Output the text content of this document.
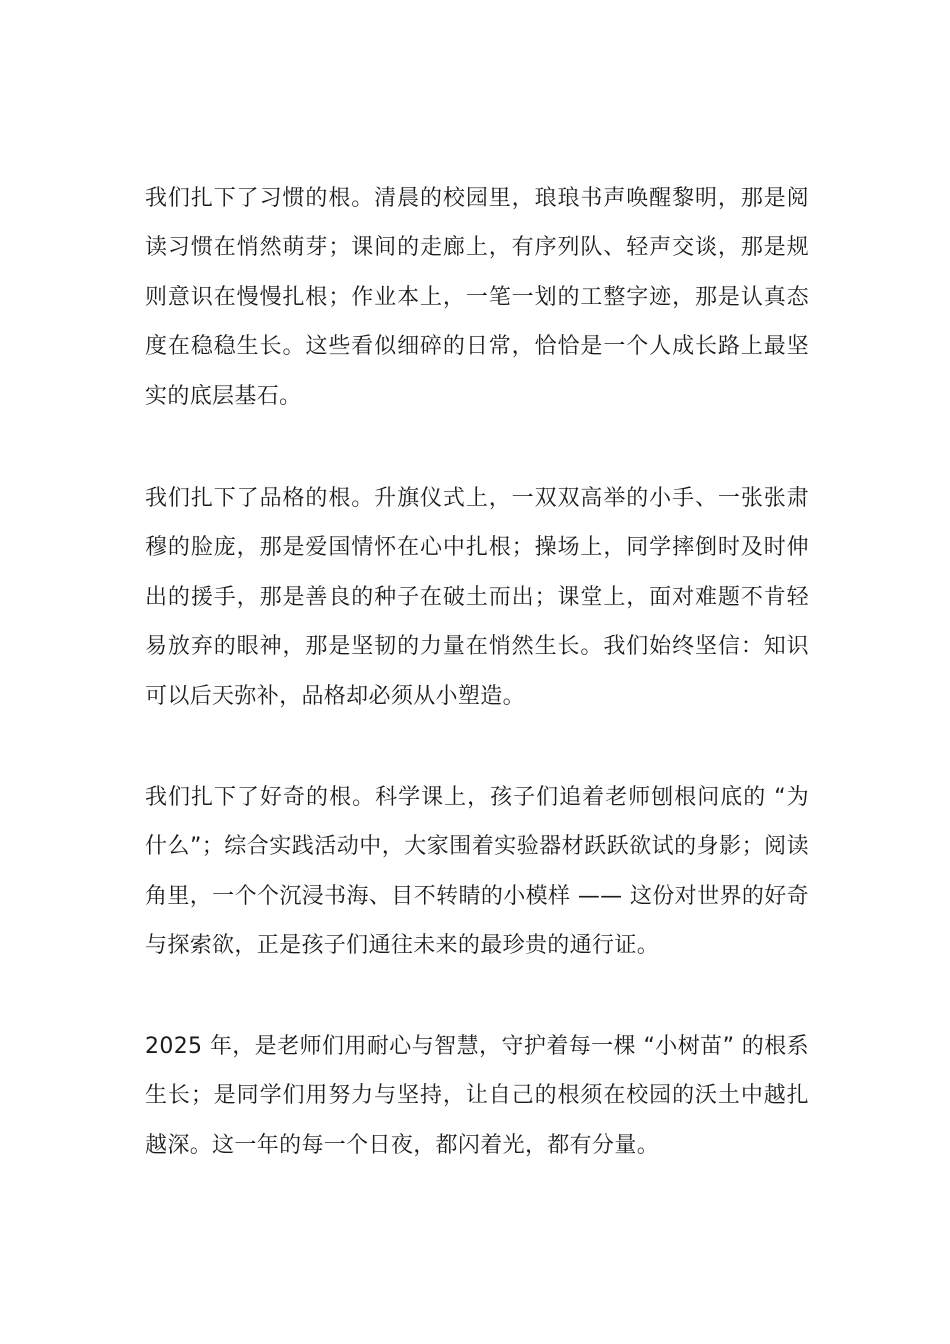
我们扎下了习惯的根。清晨的校园里，琅琅书声唤醒黎明，那是阅读习惯在悄然萌芽；课间的走廊上，有序列队、轻声交谈，那是规则意识在慢慢扎根；作业本上，一笔一划的工整字迹，那是认真态度在稳稳生长。这些看似细碎的日常，恰恰是一个人成长路上最坚实的底层基石。

我们扎下了品格的根。升旗仪式上，一双双高举的小手、一张张肃穆的脸庞，那是爱国情怀在心中扎根；操场上，同学摔倒时及时伸出的援手，那是善良的种子在破土而出；课堂上，面对难题不肯轻易放弃的眼神，那是坚韧的力量在悄然生长。我们始终坚信：知识可以后天弥补，品格却必须从小塑造。

我们扎下了好奇的根。科学课上，孩子们追着老师刨根问底的 “为什么”；综合实践活动中，大家围着实验器材跃跃欲试的身影；阅读角里，一个个沉浸书海、目不转睛的小模样 —— 这份对世界的好奇与探索欲，正是孩子们通往未来的最珍贵的通行证。

2025 年，是老师们用耐心与智慧，守护着每一棵 “小树苗” 的根系生长；是同学们用努力与坚持，让自己的根须在校园的沃土中越扎越深。这一年的每一个日夜，都闪着光，都有分量。
